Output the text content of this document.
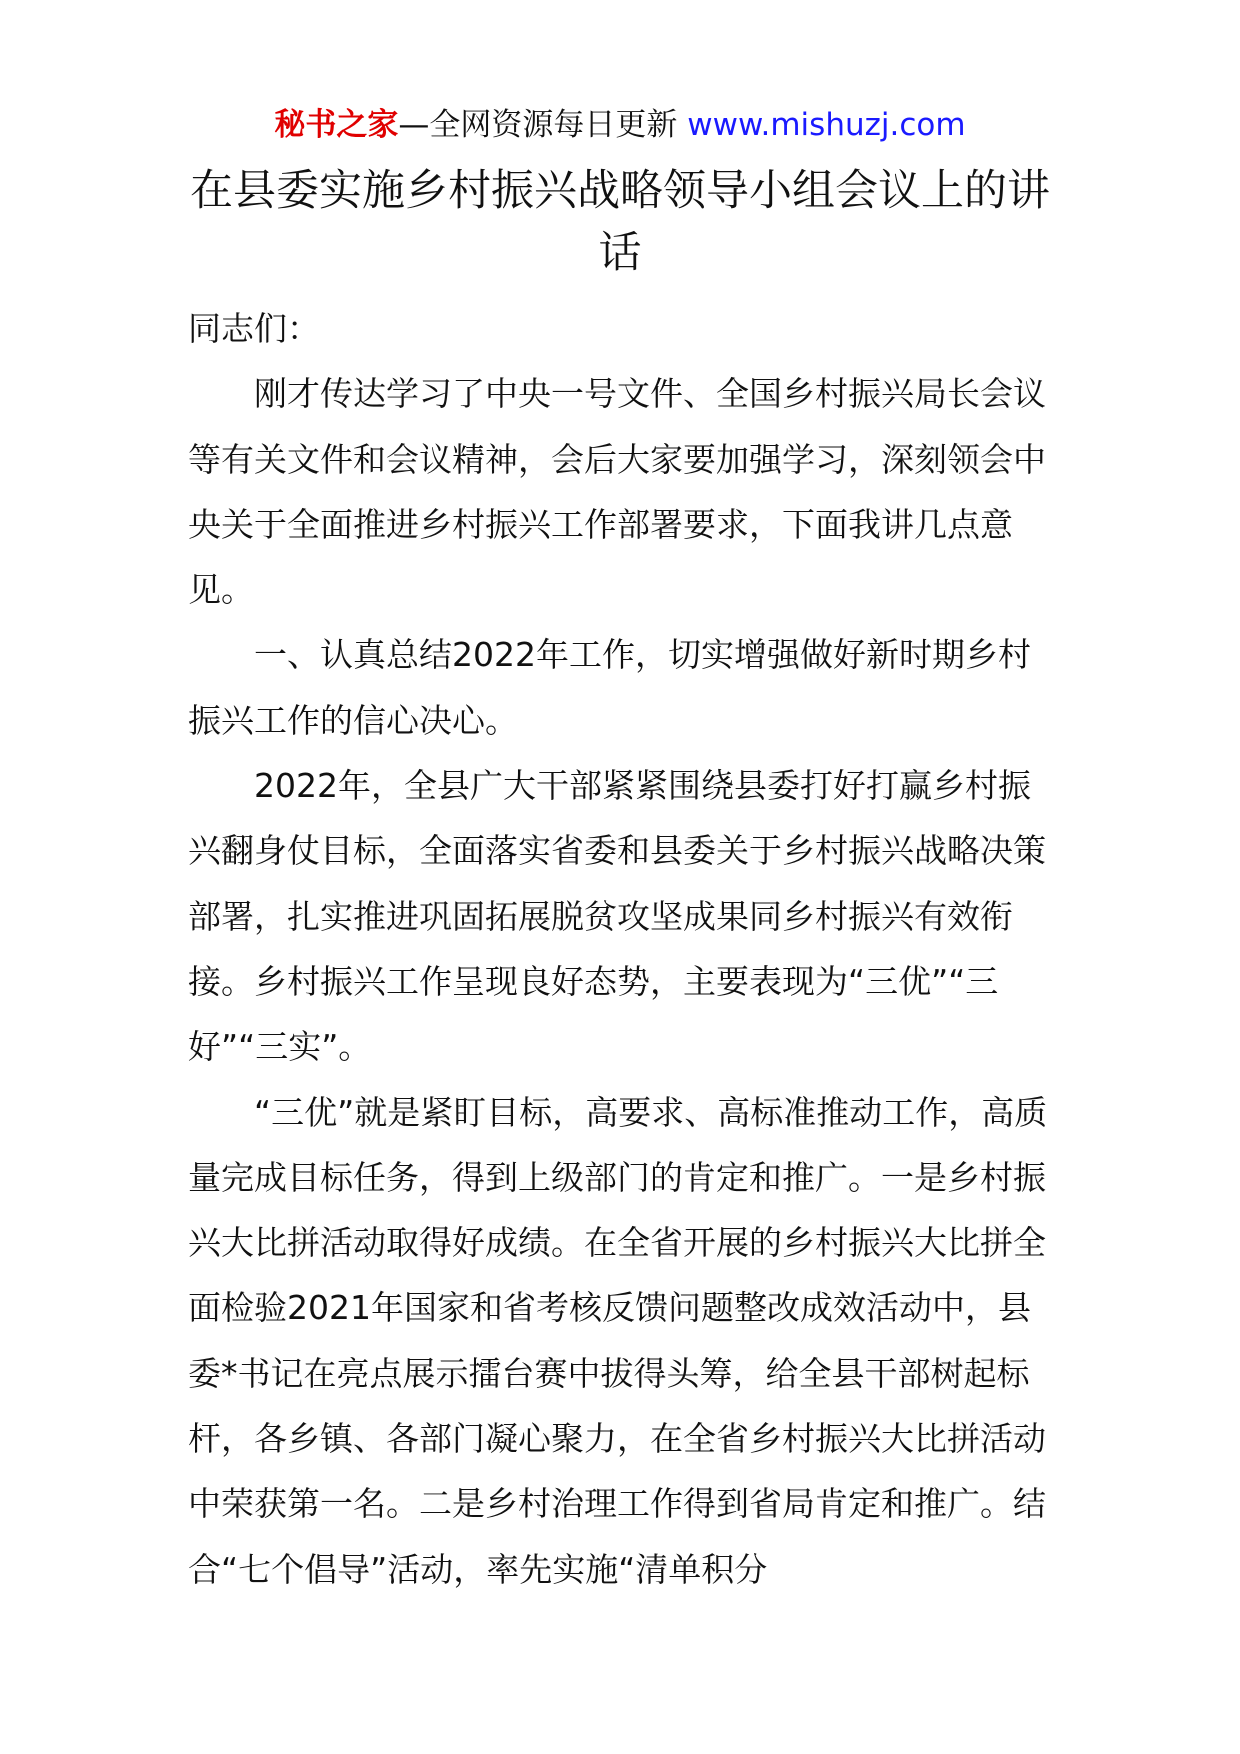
秘书之家—全网资源每日更新 www.mishuzj.com
在县委实施乡村振兴战略领导小组会议上的讲话

同志们：

刚才传达学习了中央一号文件、全国乡村振兴局长会议等有关文件和会议精神，会后大家要加强学习，深刻领会中央关于全面推进乡村振兴工作部署要求，下面我讲几点意见。

一、认真总结2022年工作，切实增强做好新时期乡村振兴工作的信心决心。

2022年，全县广大干部紧紧围绕县委打好打赢乡村振兴翻身仗目标，全面落实省委和县委关于乡村振兴战略决策部署，扎实推进巩固拓展脱贫攻坚成果同乡村振兴有效衔接。乡村振兴工作呈现良好态势，主要表现为“三优”“三好”“三实”。

“三优”就是紧盯目标，高要求、高标准推动工作，高质量完成目标任务，得到上级部门的肯定和推广。一是乡村振兴大比拼活动取得好成绩。在全省开展的乡村振兴大比拼全面检验2021年国家和省考核反馈问题整改成效活动中，县委*书记在亮点展示擂台赛中拔得头筹，给全县干部树起标杆，各乡镇、各部门凝心聚力，在全省乡村振兴大比拼活动中荣获第一名。二是乡村治理工作得到省局肯定和推广。结合“七个倡导”活动，率先实施“清单积分
